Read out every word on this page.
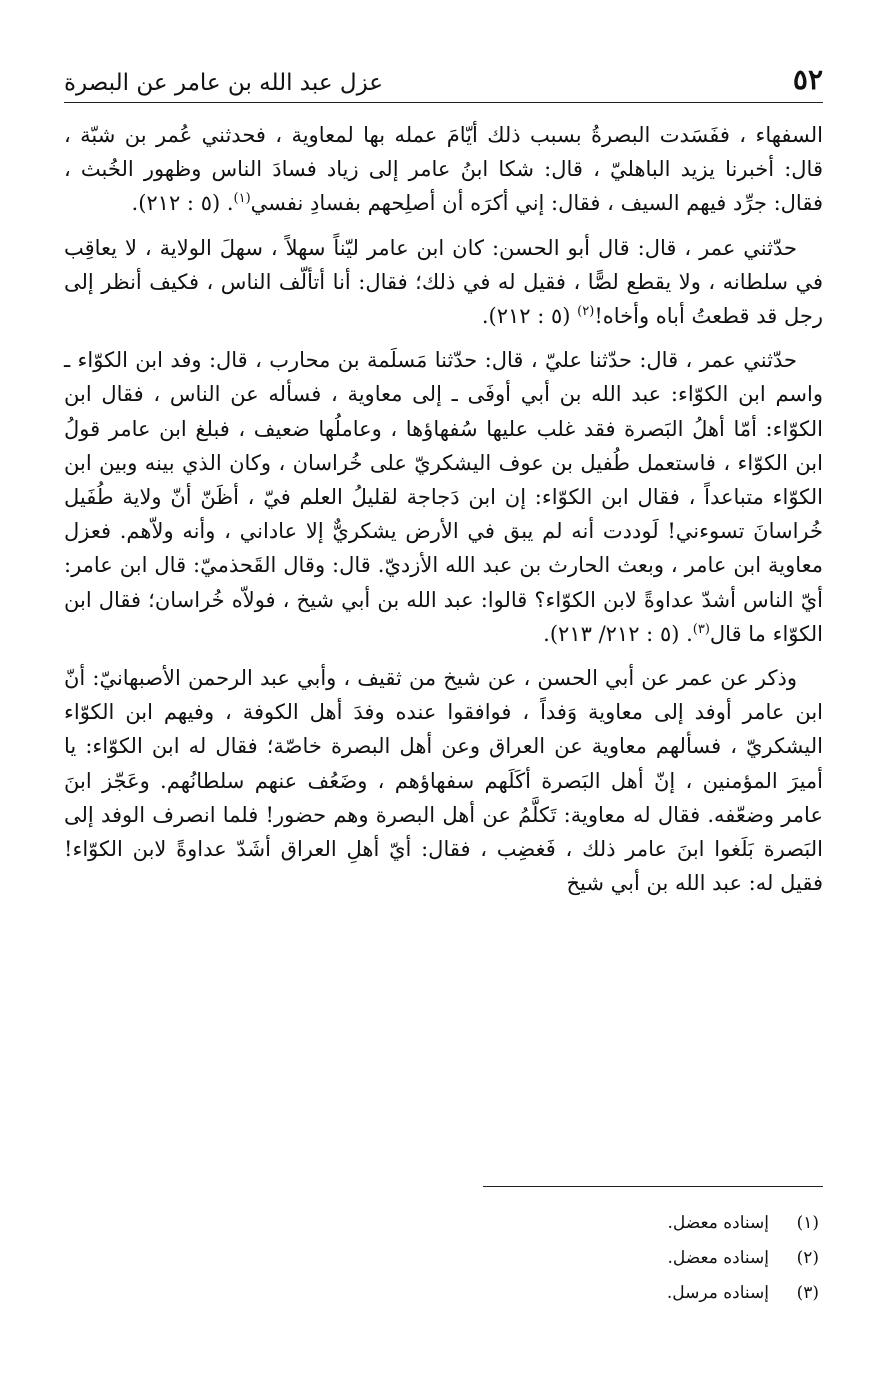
٥٢
عزل عبد الله بن عامر عن البصرة

السفهاء ، ففَسَدت البصرةُ بسبب ذلك أيّامَ عمله بها لمعاوية ، فحدثني عُمر بن شبّة ، قال: أخبرنا يزيد الباهليّ ، قال: شكا ابنُ عامر إلى زياد فسادَ الناس وظهور الخُبث ، فقال: جرِّد فيهم السيف ، فقال: إني أكرَه أن أصلِحهم بفسادِ نفسي$^{(١)}$. (٥ : ٢١٢).

حدّثني عمر ، قال: قال أبو الحسن: كان ابن عامر ليّناً سهلاً ، سهلَ الولاية ، لا يعاقِب في سلطانه ، ولا يقطع لصًّا ، فقيل له في ذلك؛ فقال: أنا أتألّف الناس ، فكيف أنظر إلى رجل قد قطعتُ أباه وأخاه!$^{(٢)}$ (٥ : ٢١٢).

حدّثني عمر ، قال: حدّثنا عليّ ، قال: حدّثنا مَسلَمة بن محارب ، قال: وفد ابن الكوّاء ـ واسم ابن الكوّاء: عبد الله بن أبي أوفَى ـ إلى معاوية ، فسأله عن الناس ، فقال ابن الكوّاء: أمّا أهلُ البَصرة فقد غلب عليها سُفهاؤها ، وعاملُها ضعيف ، فبلغ ابن عامر قولُ ابن الكوّاء ، فاستعمل طُفيل بن عوف اليشكريّ على خُراسان ، وكان الذي بينه وبين ابن الكوّاء متباعداً ، فقال ابن الكوّاء: إن ابن دَجاجة لقليلُ العلم فيّ ، أظَنّ أنّ ولاية طُفَيل خُراسانَ تسوءني! لَوددت أنه لم يبق في الأرض يشكريٌّ إلا عاداني ، وأنه ولاّهم. فعزل معاوية ابن عامر ، وبعث الحارث بن عبد الله الأزديّ. قال: وقال القَحذميّ: قال ابن عامر: أيّ الناس أشدّ عداوةً لابن الكوّاء؟ قالوا: عبد الله بن أبي شيخ ، فولاّه خُراسان؛ فقال ابن الكوّاء ما قال$^{(٣)}$. (٥ : ٢١٢/ ٢١٣).

وذكر عن عمر عن أبي الحسن ، عن شيخ من ثقيف ، وأبي عبد الرحمن الأصبهانيّ: أنّ ابن عامر أوفد إلى معاوية وَفداً ، فوافقوا عنده وفدَ أهل الكوفة ، وفيهم ابن الكوّاء اليشكريّ ، فسألهم معاوية عن العراق وعن أهل البصرة خاصّة؛ فقال له ابن الكوّاء: يا أميرَ المؤمنين ، إنّ أهل البَصرة أكَلَهم سفهاؤهم ، وضَعُف عنهم سلطانُهم. وعَجّز ابنَ عامر وضعّفه. فقال له معاوية: تَكلَّمُ عن أهل البصرة وهم حضور! فلما انصرف الوفد إلى البَصرة بَلَغوا ابنَ عامر ذلك ، فَغضِب ، فقال: أيّ أهلِ العراق أشَدّ عداوةً لابن الكوّاء! فقيل له: عبد الله بن أبي شيخ

(١)
إسناده معضل.
(٢)
إسناده معضل.
(٣)
إسناده مرسل.
